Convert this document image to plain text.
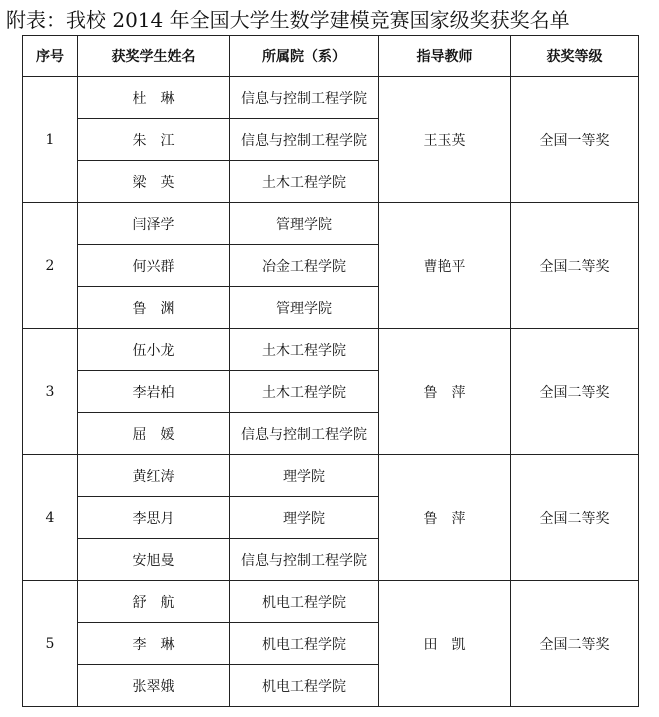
附表：我校 2014 年全国大学生数学建模竞赛国家级奖获奖名单
序号	获奖学生姓名	所属院（系）	指导教师	获奖等级
1	杜　琳	信息与控制工程学院	王玉英	全国一等奖
	朱　江	信息与控制工程学院		
	梁　英	土木工程学院		
2	闫泽学	管理学院	曹艳平	全国二等奖
	何兴群	冶金工程学院		
	鲁　渊	管理学院		
3	伍小龙	土木工程学院	鲁　萍	全国二等奖
	李岩柏	土木工程学院		
	屈　媛	信息与控制工程学院		
4	黄红涛	理学院	鲁　萍	全国二等奖
	李思月	理学院		
	安旭曼	信息与控制工程学院		
5	舒　航	机电工程学院	田　凯	全国二等奖
	李　琳	机电工程学院		
	张翠娥	机电工程学院		
